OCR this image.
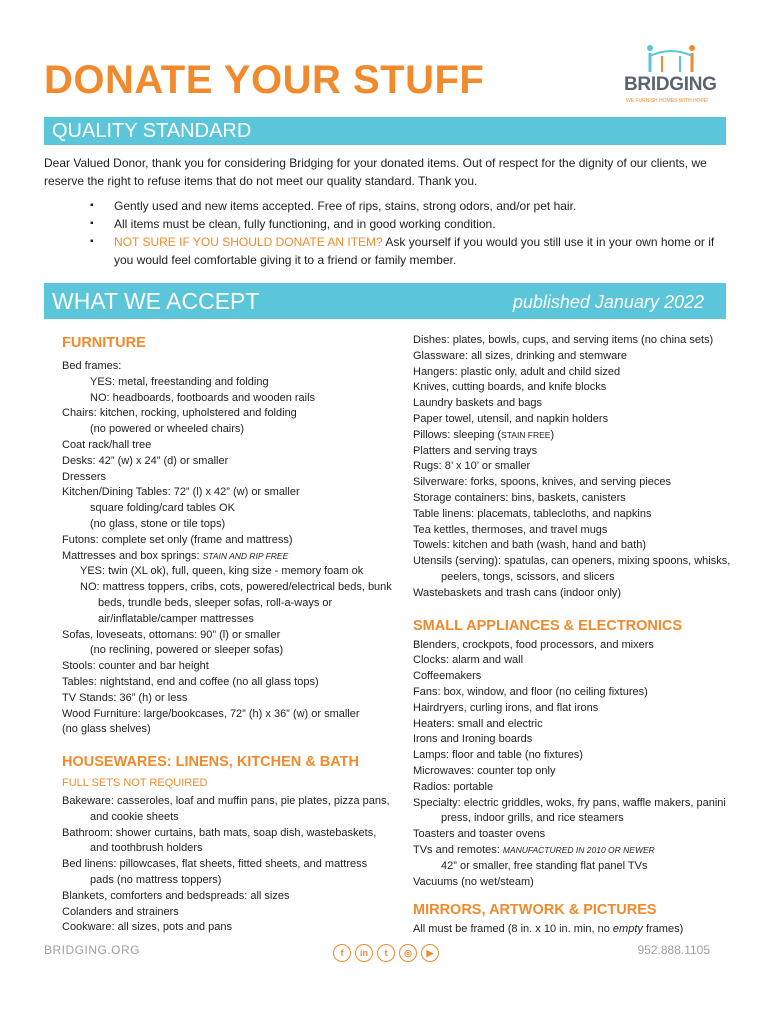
DONATE YOUR STUFF	BRIDGING
WE FURNISH HOMES WITH HOPE!
QUALITY STANDARD

Dear Valued Donor, thank you for considering Bridging for your donated items. Out of respect for the dignity of our clients, we reserve the right to refuse items that do not meet our quality standard. Thank you.

▪ Gently used and new items accepted. Free of rips, stains, strong odors, and/or pet hair.
▪ All items must be clean, fully functioning, and in good working condition.
▪ NOT SURE IF YOU SHOULD DONATE AN ITEM? Ask yourself if you would you still use it in your own home or if you would feel comfortable giving it to a friend or family member.
WHAT WE ACCEPT	published January 2022
FURNITURE
Bed frames:
YES: metal, freestanding and folding
NO: headboards, footboards and wooden rails
Chairs: kitchen, rocking, upholstered and folding
(no powered or wheeled chairs)
Coat rack/hall tree
Desks: 42” (w) x 24” (d) or smaller
Dressers
Kitchen/Dining Tables: 72” (l) x 42” (w) or smaller
square folding/card tables OK
(no glass, stone or tile tops)
Futons: complete set only (frame and mattress)
Mattresses and box springs: STAIN AND RIP FREE
YES: twin (XL ok), full, queen, king size - memory foam ok
NO: mattress toppers, cribs, cots, powered/electrical beds, bunk beds, trundle beds, sleeper sofas, roll-a-ways or air/inflatable/camper mattresses
Sofas, loveseats, ottomans: 90” (l) or smaller
(no reclining, powered or sleeper sofas)
Stools: counter and bar height
Tables: nightstand, end and coffee (no all glass tops)
TV Stands: 36” (h) or less
Wood Furniture: large/bookcases, 72” (h) x 36” (w) or smaller
(no glass shelves)
HOUSEWARES: LINENS, KITCHEN & BATH
FULL SETS NOT REQUIRED
Bakeware: casseroles, loaf and muffin pans, pie plates, pizza pans, and cookie sheets
Bathroom: shower curtains, bath mats, soap dish, wastebaskets, and toothbrush holders
Bed linens: pillowcases, flat sheets, fitted sheets, and mattress pads (no mattress toppers)
Blankets, comforters and bedspreads: all sizes
Colanders and strainers
Cookware: all sizes, pots and pans
Dishes: plates, bowls, cups, and serving items (no china sets)
Glassware: all sizes, drinking and stemware
Hangers: plastic only, adult and child sized
Knives, cutting boards, and knife blocks
Laundry baskets and bags
Paper towel, utensil, and napkin holders
Pillows: sleeping (STAIN FREE)
Platters and serving trays
Rugs: 8’ x 10’ or smaller
Silverware: forks, spoons, knives, and serving pieces
Storage containers: bins, baskets, canisters
Table linens: placemats, tablecloths, and napkins
Tea kettles, thermoses, and travel mugs
Towels: kitchen and bath (wash, hand and bath)
Utensils (serving): spatulas, can openers, mixing spoons, whisks, peelers, tongs, scissors, and slicers
Wastebaskets and trash cans (indoor only)
SMALL APPLIANCES & ELECTRONICS
Blenders, crockpots, food processors, and mixers
Clocks: alarm and wall
Coffeemakers
Fans: box, window, and floor (no ceiling fixtures)
Hairdryers, curling irons, and flat irons
Heaters: small and electric
Irons and Ironing boards
Lamps: floor and table (no fixtures)
Microwaves: counter top only
Radios: portable
Specialty: electric griddles, woks, fry pans, waffle makers, panini press, indoor grills, and rice steamers
Toasters and toaster ovens
TVs and remotes: MANUFACTURED IN 2010 OR NEWER
42” or smaller, free standing flat panel TVs
Vacuums (no wet/steam)
MIRRORS, ARTWORK & PICTURES
All must be framed (8 in. x 10 in. min, no empty frames)
BRIDGING.ORG	f	in	t	◎	▶	952.888.1105
